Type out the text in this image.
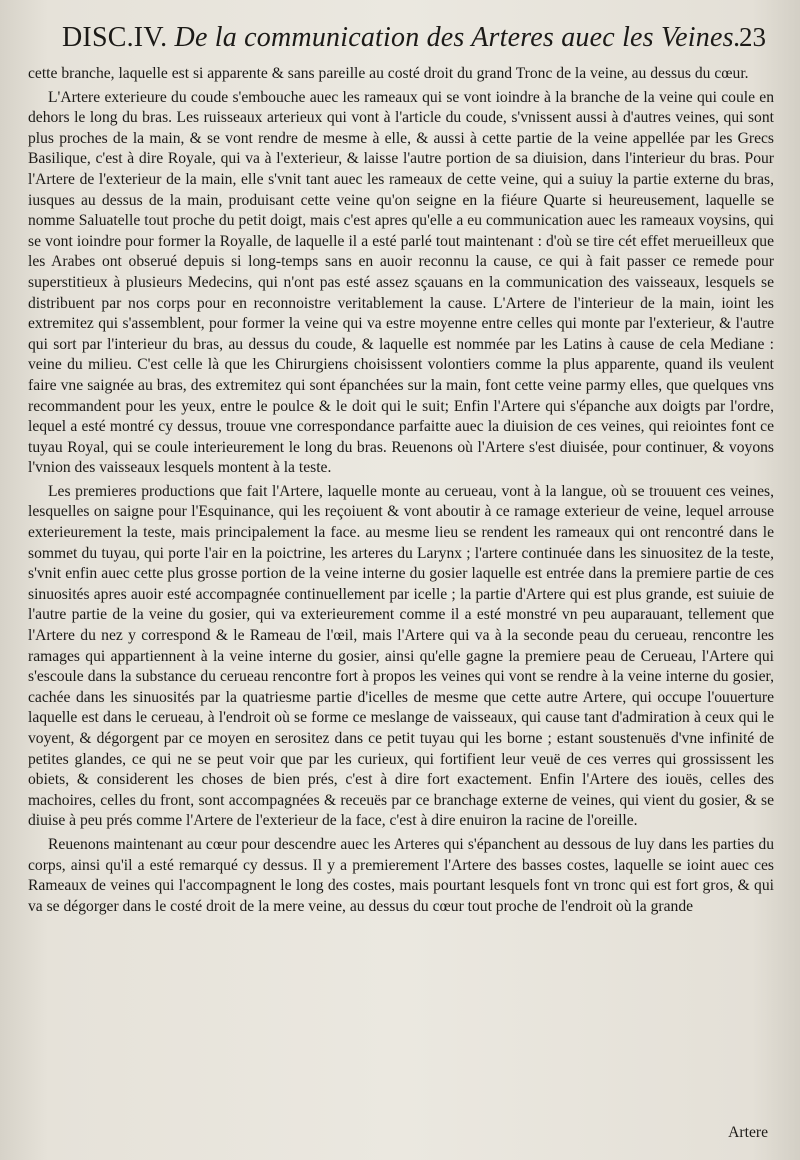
DISC.IV. De la communication des Arteres auec les Veines.
23

cette branche, laquelle est si apparente & sans pareille au costé droit du grand Tronc de la veine, au dessus du cœur.

L'Artere exterieure du coude s'embouche auec les rameaux qui se vont ioindre à la branche de la veine qui coule en dehors le long du bras. Les ruisseaux arterieux qui vont à l'article du coude, s'vnissent aussi à d'autres veines, qui sont plus proches de la main, & se vont rendre de mesme à elle, & aussi à cette partie de la veine appellée par les Grecs Basilique, c'est à dire Royale, qui va à l'exterieur, & laisse l'autre portion de sa diuision, dans l'interieur du bras. Pour l'Artere de l'exterieur de la main, elle s'vnit tant auec les rameaux de cette veine, qui a suiuy la partie externe du bras, iusques au dessus de la main, produisant cette veine qu'on seigne en la fiéure Quarte si heureusement, laquelle se nomme Saluatelle tout proche du petit doigt, mais c'est apres qu'elle a eu communication auec les rameaux voysins, qui se vont ioindre pour former la Royalle, de laquelle il a esté parlé tout maintenant : d'où se tire cét effet merueilleux que les Arabes ont obserué depuis si long-temps sans en auoir reconnu la cause, ce qui à fait passer ce remede pour superstitieux à plusieurs Medecins, qui n'ont pas esté assez sçauans en la communication des vaisseaux, lesquels se distribuent par nos corps pour en reconnoistre veritablement la cause. L'Artere de l'interieur de la main, ioint les extremitez qui s'assemblent, pour former la veine qui va estre moyenne entre celles qui monte par l'exterieur, & l'autre qui sort par l'interieur du bras, au dessus du coude, & laquelle est nommée par les Latins à cause de cela Mediane : veine du milieu. C'est celle là que les Chirurgiens choisissent volontiers comme la plus apparente, quand ils veulent faire vne saignée au bras, des extremitez qui sont épanchées sur la main, font cette veine parmy elles, que quelques vns recommandent pour les yeux, entre le poulce & le doit qui le suit; Enfin l'Artere qui s'épanche aux doigts par l'ordre, lequel a esté montré cy dessus, trouue vne correspondance parfaitte auec la diuision de ces veines, qui reiointes font ce tuyau Royal, qui se coule interieurement le long du bras. Reuenons où l'Artere s'est diuisée, pour continuer, & voyons l'vnion des vaisseaux lesquels montent à la teste.

Les premieres productions que fait l'Artere, laquelle monte au cerueau, vont à la langue, où se trouuent ces veines, lesquelles on saigne pour l'Esquinance, qui les reçoiuent & vont aboutir à ce ramage exterieur de veine, lequel arrouse exterieurement la teste, mais principalement la face. au mesme lieu se rendent les rameaux qui ont rencontré dans le sommet du tuyau, qui porte l'air en la poictrine, les arteres du Larynx ; l'artere continuée dans les sinuositez de la teste, s'vnit enfin auec cette plus grosse portion de la veine interne du gosier laquelle est entrée dans la premiere partie de ces sinuosités apres auoir esté accompagnée continuellement par icelle ; la partie d'Artere qui est plus grande, est suiuie de l'autre partie de la veine du gosier, qui va exterieurement comme il a esté monstré vn peu auparauant, tellement que l'Artere du nez y correspond & le Rameau de l'œil, mais l'Artere qui va à la seconde peau du cerueau, rencontre les ramages qui appartiennent à la veine interne du gosier, ainsi qu'elle gagne la premiere peau de Cerueau, l'Artere qui s'escoule dans la substance du cerueau rencontre fort à propos les veines qui vont se rendre à la veine interne du gosier, cachée dans les sinuosités par la quatriesme partie d'icelles de mesme que cette autre Artere, qui occupe l'ouuerture laquelle est dans le cerueau, à l'endroit où se forme ce meslange de vaisseaux, qui cause tant d'admiration à ceux qui le voyent, & dégorgent par ce moyen en serositez dans ce petit tuyau qui les borne ; estant soustenuës d'vne infinité de petites glandes, ce qui ne se peut voir que par les curieux, qui fortifient leur veuë de ces verres qui grossissent les obiets, & considerent les choses de bien prés, c'est à dire fort exactement. Enfin l'Artere des iouës, celles des machoires, celles du front, sont accompagnées & receuës par ce branchage externe de veines, qui vient du gosier, & se diuise à peu prés comme l'Artere de l'exterieur de la face, c'est à dire enuiron la racine de l'oreille.

Reuenons maintenant au cœur pour descendre auec les Arteres qui s'épanchent au dessous de luy dans les parties du corps, ainsi qu'il a esté remarqué cy dessus. Il y a premierement l'Artere des basses costes, laquelle se ioint auec ces Rameaux de veines qui l'accompagnent le long des costes, mais pourtant lesquels font vn tronc qui est fort gros, & qui va se dégorger dans le costé droit de la mere veine, au dessus du cœur tout proche de l'endroit où la grande

Artere
